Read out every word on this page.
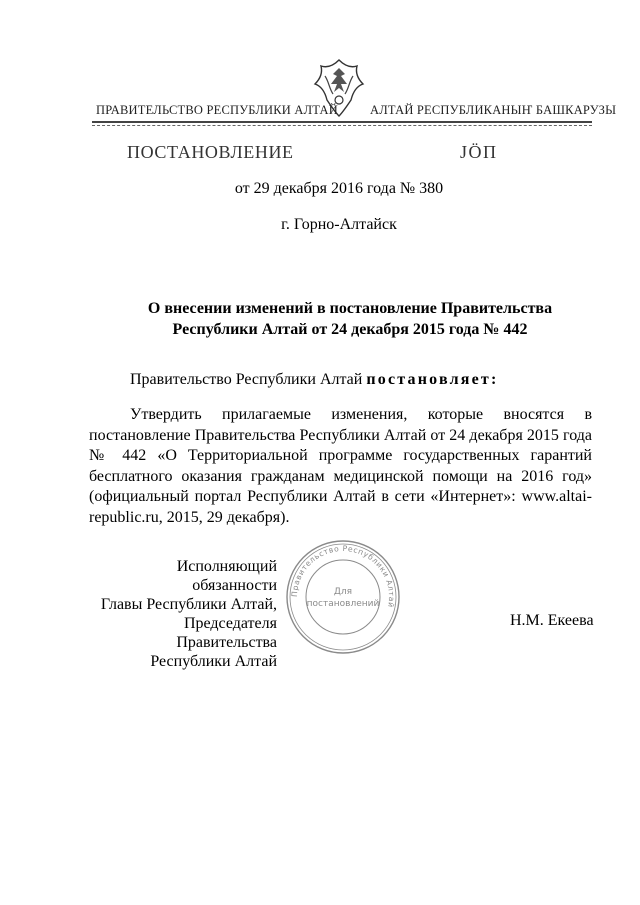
ПРАВИТЕЛЬСТВО РЕСПУБЛИКИ АЛТАЙ	АЛТАЙ РЕСПУБЛИКАНЫҤ БАШКАРУЗЫ
ПОСТАНОВЛЕНИЕ	JÖП
от 29 декабря 2016 года № 380
г. Горно-Алтайск
О внесении изменений в постановление Правительства
Республики Алтай от 24 декабря 2015 года № 442
Правительство Республики Алтай постановляет:
Утвердить прилагаемые изменения, которые вносятся в постановление Правительства Республики Алтай от 24 декабря 2015 года № 442 «О Территориальной программе государственных гарантий бесплатного оказания гражданам медицинской помощи на 2016 год» (официальный портал Республики Алтай в сети «Интернет»: www.altai-republic.ru, 2015, 29 декабря).
Исполняющий обязанности
Главы Республики Алтай,
Председателя Правительства
Республики Алтай
Н.М. Екеева
Правительство Республики Алтай
Для
постановлений
